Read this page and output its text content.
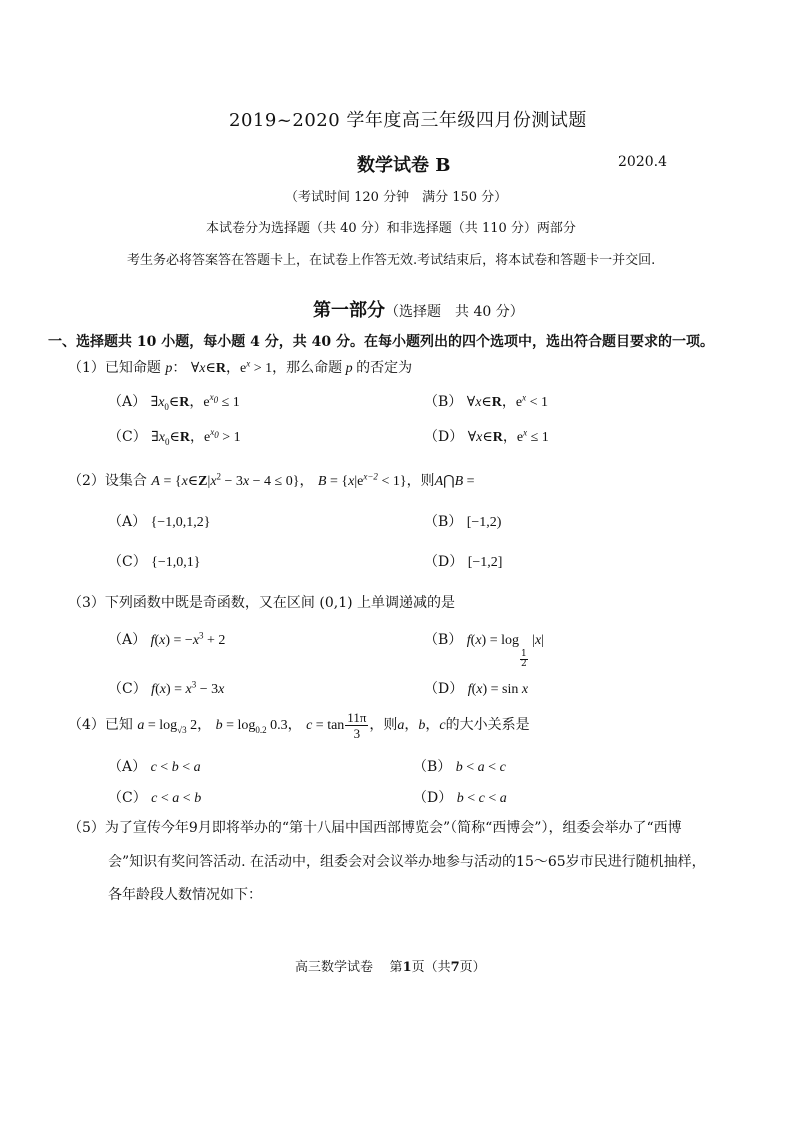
2019~2020 学年度高三年级四月份测试题
数学试卷 B	2020.4
（考试时间 120 分钟　满分 150 分）
本试卷分为选择题（共 40 分）和非选择题（共 110 分）两部分
考生务必将答案答在答题卡上，在试卷上作答无效.考试结束后，将本试卷和答题卡一并交回.
第一部分（选择题　共 40 分）
一、选择题共 10 小题，每小题 4 分，共 40 分。在每小题列出的四个选项中，选出符合题目要求的一项。
（1）已知命题 p： ∀x∈R，$e^x > 1$，那么命题 p 的否定为
（A） $\exists x_0\in R$，$e^{x_0} \le 1$	（B） ∀x∈R，$e^x < 1$
（C） $\exists x_0\in R$，$e^{x_0} > 1$	（D） ∀x∈R，$e^x \le 1$
（2）设集合 $A = \{x\in Z|x^2 - 3x - 4 \le 0\}$， $B = \{x|e^{x-2} < 1\}$，则A⋂B =
（A） {−1,0,1,2}	（B） [−1,2)
（C） {−1,0,1}	（D） [−1,2]
（3）下列函数中既是奇函数，又在区间 (0,1) 上单调递减的是
（A） $f(x) = -x^3 + 2$	（B） f(x) = log
$\frac{1}{2}$
|x|
（C） $f(x) = x^3 - 3x$	（D） f(x) = sin x
（4）已知 $a = \log_{√3} 2$， $b = \log_{0.2} 0.3$， $c = \tan \frac{11\pi}{3}$ ，则a，b，c的大小关系是
（A） c < b < a	（B） b < a < c
（C） c < a < b	（D） b < c < a
（5）为了宣传今年9月即将举办的“第十八届中国西部博览会”（简称“西博会”），组委会举办了“西博
会”知识有奖问答活动. 在活动中，组委会对会议举办地参与活动的15～65岁市民进行随机抽样，
各年龄段人数情况如下：
高三数学试卷 第1页（共7页）
